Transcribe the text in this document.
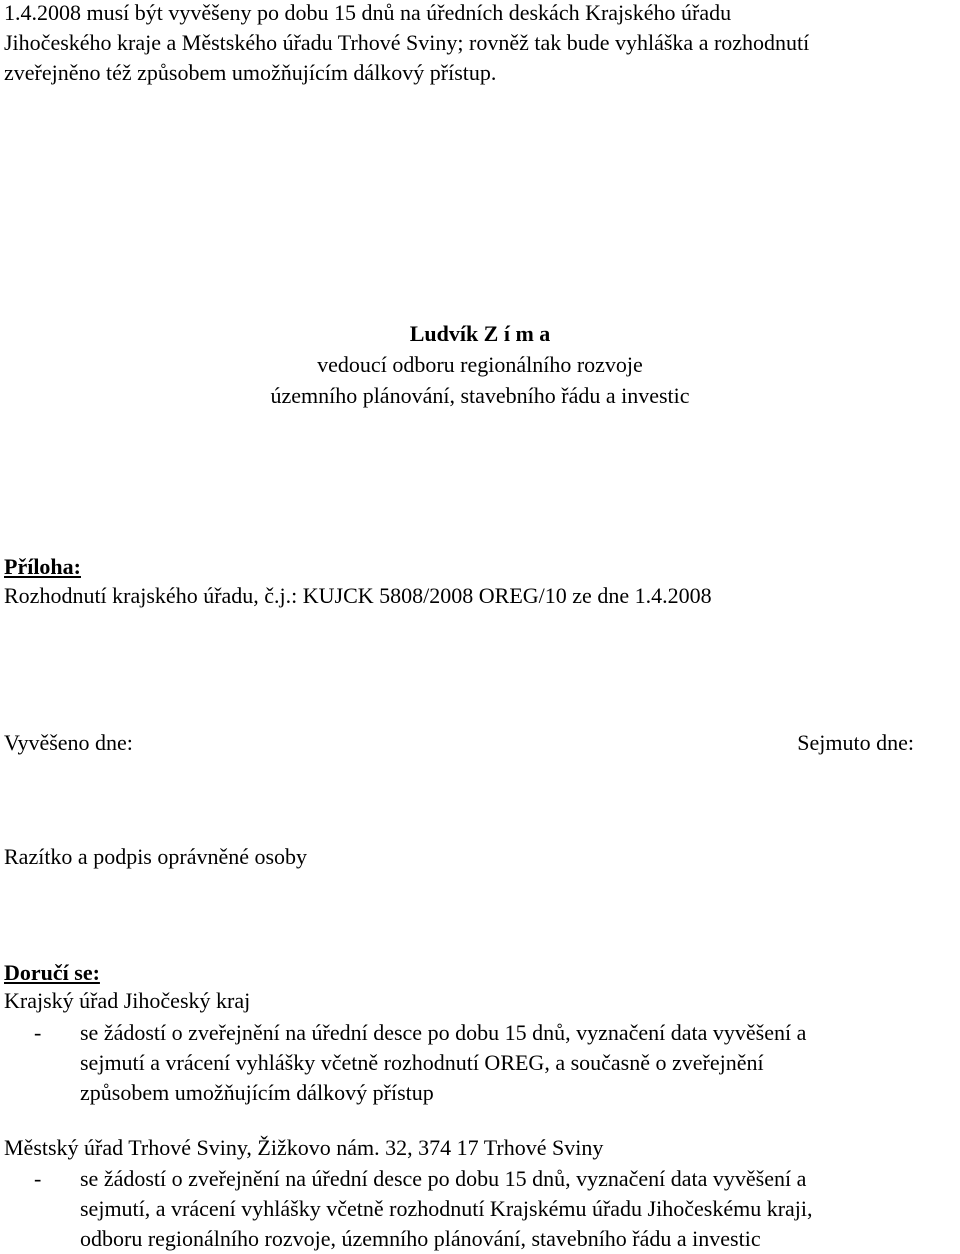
1.4.2008 musí být vyvěšeny po dobu 15 dnů na úředních deskách Krajského úřadu
Jihočeského kraje a Městského úřadu Trhové Sviny; rovněž tak bude vyhláška a rozhodnutí
zveřejněno též způsobem umožňujícím dálkový přístup.
Ludvík Z í m a
vedoucí odboru regionálního rozvoje
územního plánování, stavebního řádu a investic
Příloha:
Rozhodnutí krajského úřadu, č.j.: KUJCK 5808/2008 OREG/10 ze dne 1.4.2008
Vyvěšeno dne:	Sejmuto dne:
Razítko a podpis oprávněné osoby
Doručí se:
Krajský úřad Jihočeský kraj
- se žádostí o zveřejnění na úřední desce po dobu 15 dnů, vyznačení data vyvěšení a
sejmutí a vrácení vyhlášky včetně rozhodnutí OREG, a současně o zveřejnění
způsobem umožňujícím dálkový přístup
Městský úřad Trhové Sviny, Žižkovo nám. 32, 374 17 Trhové Sviny
- se žádostí o zveřejnění na úřední desce po dobu 15 dnů, vyznačení data vyvěšení a
sejmutí, a vrácení vyhlášky včetně rozhodnutí Krajskému úřadu Jihočeskému kraji,
odboru regionálního rozvoje, územního plánování, stavebního řádu a investic
